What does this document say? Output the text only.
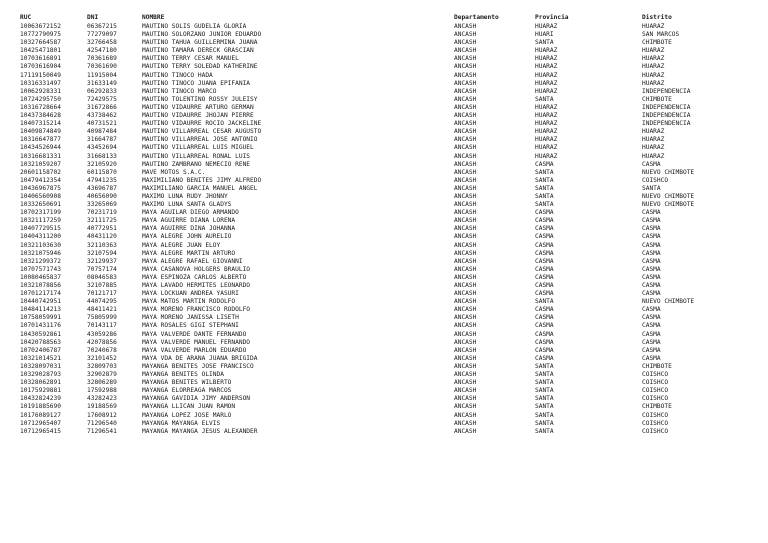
RUC	DNI	NOMBRE	Departamento	Provincia	Distrito
10063672152	06367215	MAUTINO SOLIS GUDELIA GLORIA	ANCASH	HUARAZ	HUARAZ
10772790975	77279097	MAUTINO SOLORZANO JUNIOR EDUARDO	ANCASH	HUARI	SAN MARCOS
10327664587	32766458	MAUTINO TAHUA GUILLERMINA JUANA	ANCASH	SANTA	CHIMBOTE
10425471801	42547180	MAUTINO TAMARA DERECK GRASCIAN	ANCASH	HUARAZ	HUARAZ
10703616891	70361689	MAUTINO TERRY CESAR MANUEL	ANCASH	HUARAZ	HUARAZ
10703616904	70361690	MAUTINO TERRY SOLEDAD KATHERINE	ANCASH	HUARAZ	HUARAZ
17119150049	11915004	MAUTINO TINOCO HADA	ANCASH	HUARAZ	HUARAZ
10316331497	31633149	MAUTINO TINOCO JUANA EPIFANIA	ANCASH	HUARAZ	HUARAZ
10062928331	06292833	MAUTINO TINOCO MARCO	ANCASH	HUARAZ	INDEPENDENCIA
10724295750	72429575	MAUTINO TOLENTINO ROSSY JULEISY	ANCASH	SANTA	CHIMBOTE
10316728664	31672866	MAUTINO VIDAURRE ARTURO GERMAN	ANCASH	HUARAZ	INDEPENDENCIA
10437384628	43738462	MAUTINO VIDAURRE JHOJAN PIERRE	ANCASH	HUARAZ	INDEPENDENCIA
10407315214	40731521	MAUTINO VIDAURRE ROCIO JACKELINE	ANCASH	HUARAZ	INDEPENDENCIA
10409874849	40987484	MAUTINO VILLARREAL CESAR AUGUSTO	ANCASH	HUARAZ	HUARAZ
10316647877	31664787	MAUTINO VILLARREAL JOSE ANTONIO	ANCASH	HUARAZ	HUARAZ
10434526944	43452694	MAUTINO VILLARREAL LUIS MIGUEL	ANCASH	HUARAZ	HUARAZ
10316681331	31668133	MAUTINO VILLARREAL RONAL LUIS	ANCASH	HUARAZ	HUARAZ
10321059207	32105920	MAUTINO ZAMBRANO NEMECIO RENE	ANCASH	CASMA	CASMA
20601158702	60115870	MAVE MOTOS S.A.C.	ANCASH	SANTA	NUEVO CHIMBOTE
10479412354	47941235	MAXIMILIANO BENITES JIMY ALFREDO	ANCASH	SANTA	COISHCO
10436967875	43696787	MAXIMILIANO GARCIA MANUEL ANGEL	ANCASH	SANTA	SANTA
10406560908	40656090	MAXIMO LUNA RUDY JHONNY	ANCASH	SANTA	NUEVO CHIMBOTE
10332650691	33265069	MAXIMO LUNA SANTA GLADYS	ANCASH	SANTA	NUEVO CHIMBOTE
10702317199	70231719	MAYA AGUILAR DIEGO ARMANDO	ANCASH	CASMA	CASMA
10321117259	32111725	MAYA AGUIRRE DIANA LORENA	ANCASH	CASMA	CASMA
10407729515	40772951	MAYA AGUIRRE DINA JOHANNA	ANCASH	CASMA	CASMA
10404311200	40431120	MAYA ALEGRE JOHN AURELIO	ANCASH	CASMA	CASMA
10321103630	32110363	MAYA ALEGRE JUAN ELOY	ANCASH	CASMA	CASMA
10321075946	32107594	MAYA ALEGRE MARTIN ARTURO	ANCASH	CASMA	CASMA
10321299372	32129937	MAYA ALEGRE RAFAEL GIOVANNI	ANCASH	CASMA	CASMA
10707571743	70757174	MAYA CASANOVA HOLGERS BRAULIO	ANCASH	CASMA	CASMA
10080465837	08046583	MAYA ESPINOZA CARLOS ALBERTO	ANCASH	CASMA	CASMA
10321078856	32107885	MAYA LAVADO HERMITES LEONARDO	ANCASH	CASMA	CASMA
10701217174	70121717	MAYA LOCKUAN ANDREA YASURI	ANCASH	CASMA	CASMA
10440742951	44074295	MAYA MATOS MARTIN RODOLFO	ANCASH	SANTA	NUEVO CHIMBOTE
10484114213	48411421	MAYA MORENO FRANCISCO RODOLFO	ANCASH	CASMA	CASMA
10758059991	75805999	MAYA MORENO JANISSA LISETH	ANCASH	CASMA	CASMA
10701431176	70143117	MAYA ROSALES GIGI STEPHANI	ANCASH	CASMA	CASMA
10430592861	43059286	MAYA VALVERDE DANTE FERNANDO	ANCASH	CASMA	CASMA
10420788563	42078856	MAYA VALVERDE MANUEL FERNANDO	ANCASH	CASMA	CASMA
10702406787	70240678	MAYA VALVERDE MARLON EDUARDO	ANCASH	CASMA	CASMA
10321014521	32101452	MAYA VDA DE ARANA JUANA BRIGIDA	ANCASH	CASMA	CASMA
10328097031	32809703	MAYANGA BENITES JOSE FRANCISCO	ANCASH	SANTA	CHIMBOTE
10329028793	32902879	MAYANGA BENITES OLINDA	ANCASH	SANTA	COISHCO
10328062891	32806289	MAYANGA BENITES WILBERTO	ANCASH	SANTA	COISHCO
10175929881	17592988	MAYANGA ELORREAGA MARCOS	ANCASH	SANTA	COISHCO
10432824239	43282423	MAYANGA GAVIDIA JIMY ANDERSON	ANCASH	SANTA	COISHCO
10191885690	19188569	MAYANGA LLICAN JUAN RAMON	ANCASH	SANTA	CHIMBOTE
10176089127	17608912	MAYANGA LOPEZ JOSE MARLO	ANCASH	SANTA	COISHCO
10712965407	71296540	MAYANGA MAYANGA ELVIS	ANCASH	SANTA	COISHCO
10712965415	71296541	MAYANGA MAYANGA JESUS ALEXANDER	ANCASH	SANTA	COISHCO
